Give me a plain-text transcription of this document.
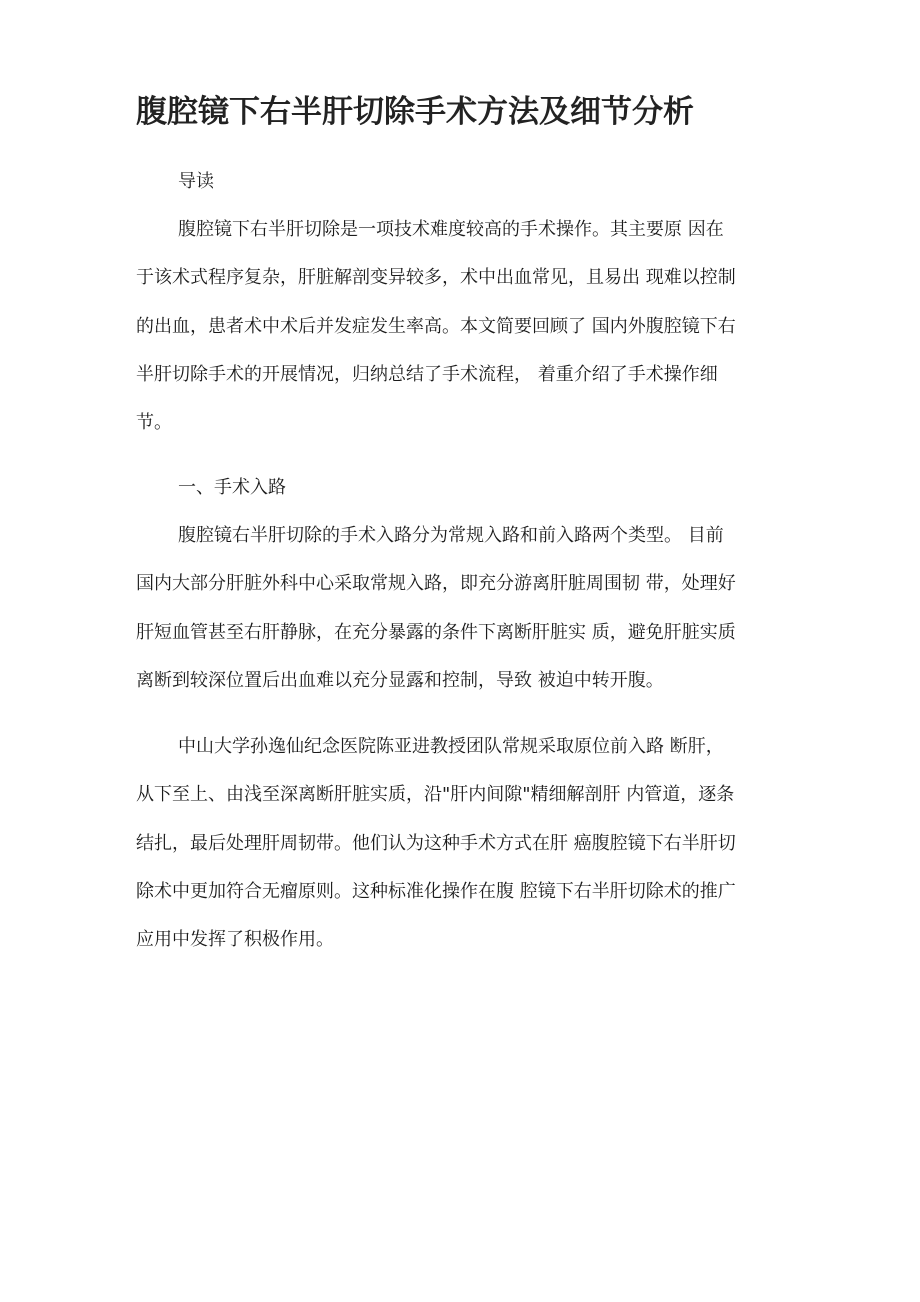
腹腔镜下右半肝切除手术方法及细节分析

导读

腹腔镜下右半肝切除是一项技术难度较高的手术操作。其主要原 因在
于该术式程序复杂，肝脏解剖变异较多，术中出血常见，且易出 现难以控制
的出血，患者术中术后并发症发生率高。本文简要回顾了 国内外腹腔镜下右
半肝切除手术的开展情况，归纳总结了手术流程， 着重介绍了手术操作细
节。

一、手术入路

腹腔镜右半肝切除的手术入路分为常规入路和前入路两个类型。 目前
国内大部分肝脏外科中心采取常规入路，即充分游离肝脏周围韧 带，处理好
肝短血管甚至右肝静脉，在充分暴露的条件下离断肝脏实 质，避免肝脏实质
离断到较深位置后出血难以充分显露和控制，导致 被迫中转开腹。
中山大学孙逸仙纪念医院陈亚进教授团队常规采取原位前入路 断肝，
从下至上、由浅至深离断肝脏实质，沿"肝内间隙"精细解剖肝 内管道，逐条
结扎，最后处理肝周韧带。他们认为这种手术方式在肝 癌腹腔镜下右半肝切
除术中更加符合无瘤原则。这种标准化操作在腹 腔镜下右半肝切除术的推广
应用中发挥了积极作用。
